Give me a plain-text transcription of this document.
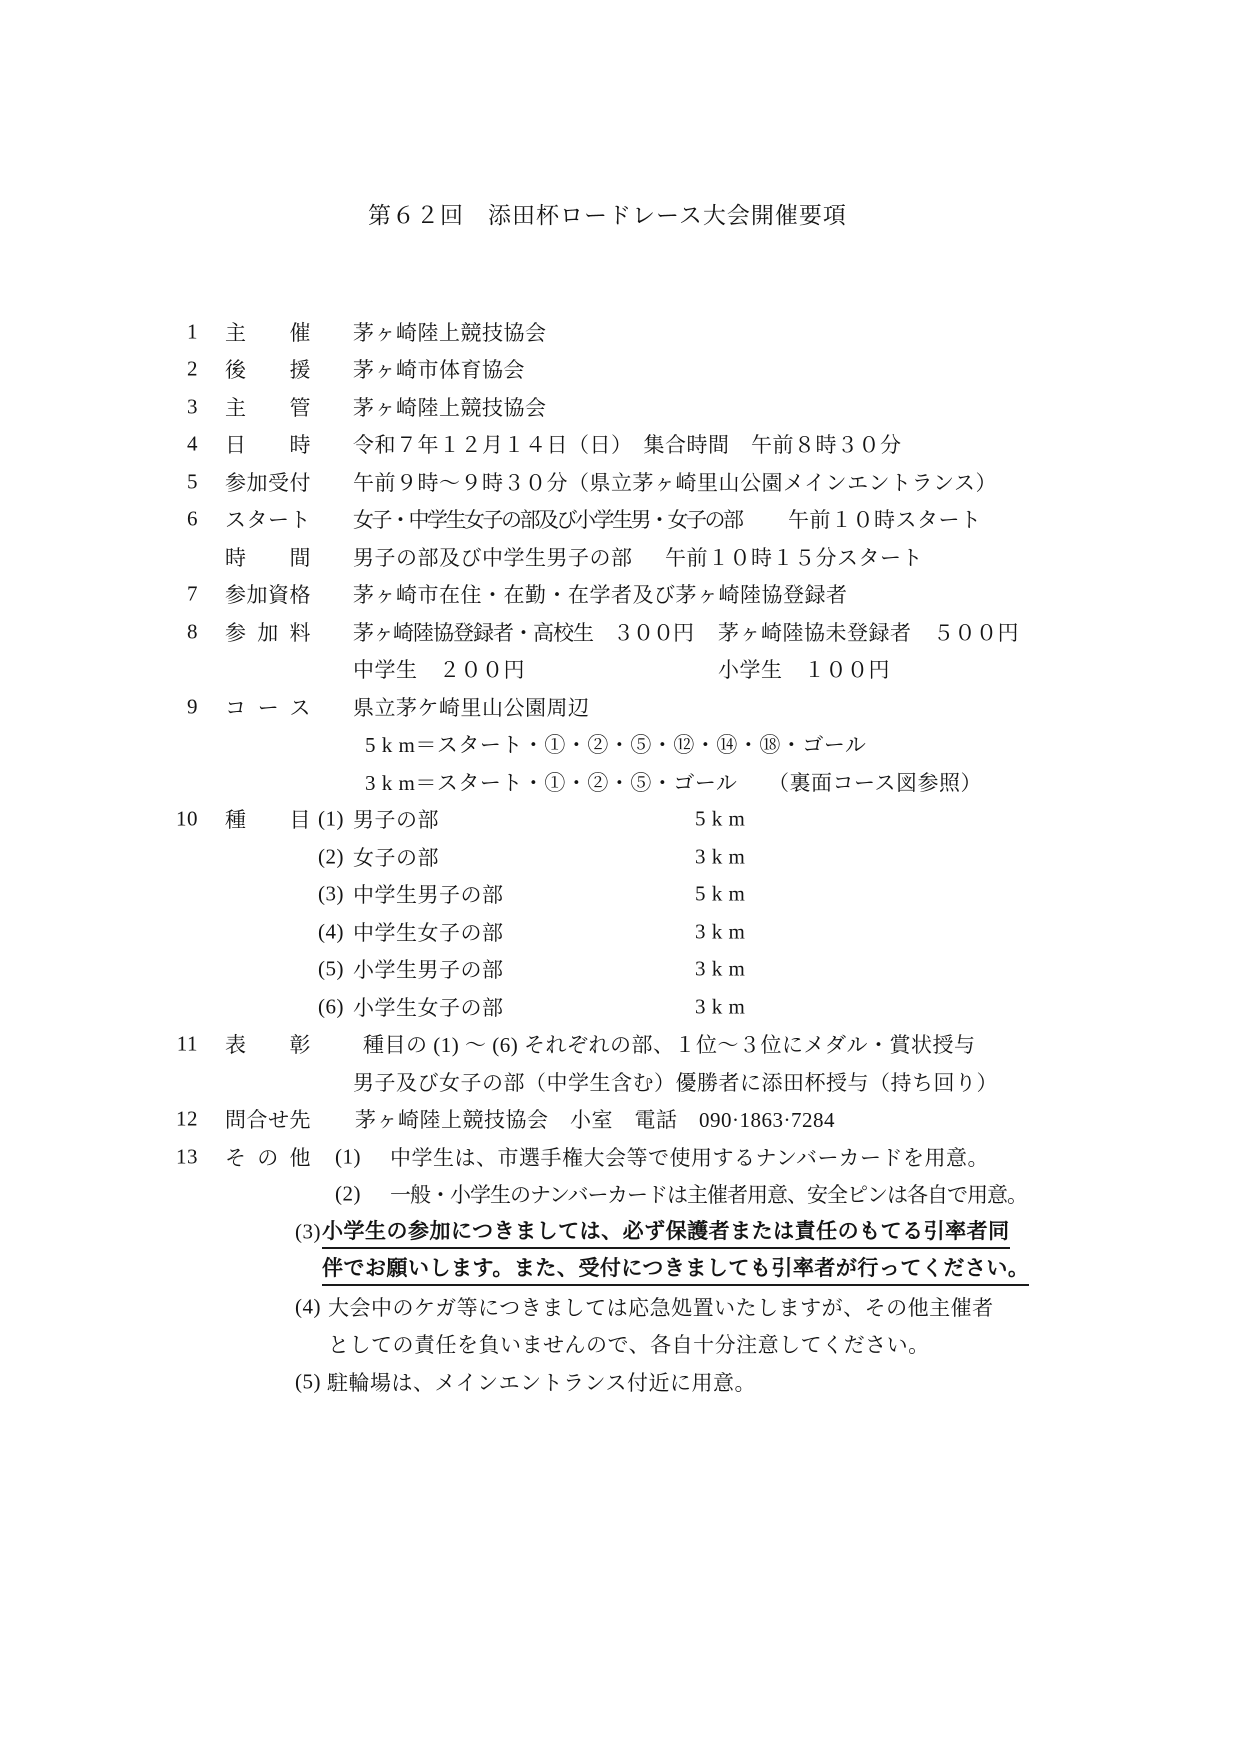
第６２回　添田杯ロードレース大会開催要項
1 主催 茅ヶ崎陸上競技協会
2 後援 茅ヶ崎市体育協会
3 主管 茅ヶ崎陸上競技協会
4 日時 令和７年１２月１４日（日）　集合時間　午前８時３０分
5 参加受付 午前９時～９時３０分（県立茅ヶ崎里山公園メインエントランス）
6 スタート 女子・中学生女子の部及び小学生男・女子の部 午前１０時スタート
時間 男子の部及び中学生男子の部 午前１０時１５分スタート
7 参加資格 茅ヶ崎市在住・在勤・在学者及び茅ヶ崎陸協登録者
8 参加料 茅ヶ崎陸協登録者・高校生　３００円 茅ヶ崎陸協未登録者　５００円
中学生　２００円	小学生　１００円
9 コース 県立茅ケ崎里山公園周辺
5 k m＝スタート・①・②・⑤・⑫・⑭・⑱・ゴール
3 k m＝スタート・①・②・⑤・ゴール （裏面コース図参照）
10 種目 (1) 男子の部	5 k m
(2) 女子の部	3 k m
(3) 中学生男子の部	5 k m
(4) 中学生女子の部	3 k m
(5) 小学生男子の部	3 k m
(6) 小学生女子の部	3 k m
11 表彰 種目の (1) ～ (6) それぞれの部、１位～３位にメダル・賞状授与
男子及び女子の部（中学生含む）優勝者に添田杯授与（持ち回り）
12 問合せ先 茅ヶ崎陸上競技協会　小室　電話　090·1863·7284
13 その他 (1) 中学生は、市選手権大会等で使用するナンバーカードを用意。
(2) 一般・小学生のナンバーカードは主催者用意、安全ピンは各自で用意。
(3) 小学生の参加につきましては、必ず保護者または責任のもてる引率者同
伴でお願いします。また、受付につきましても引率者が行ってください。
(4) 大会中のケガ等につきましては応急処置いたしますが、その他主催者
としての責任を負いませんので、各自十分注意してください。
(5) 駐輪場は、メインエントランス付近に用意。
